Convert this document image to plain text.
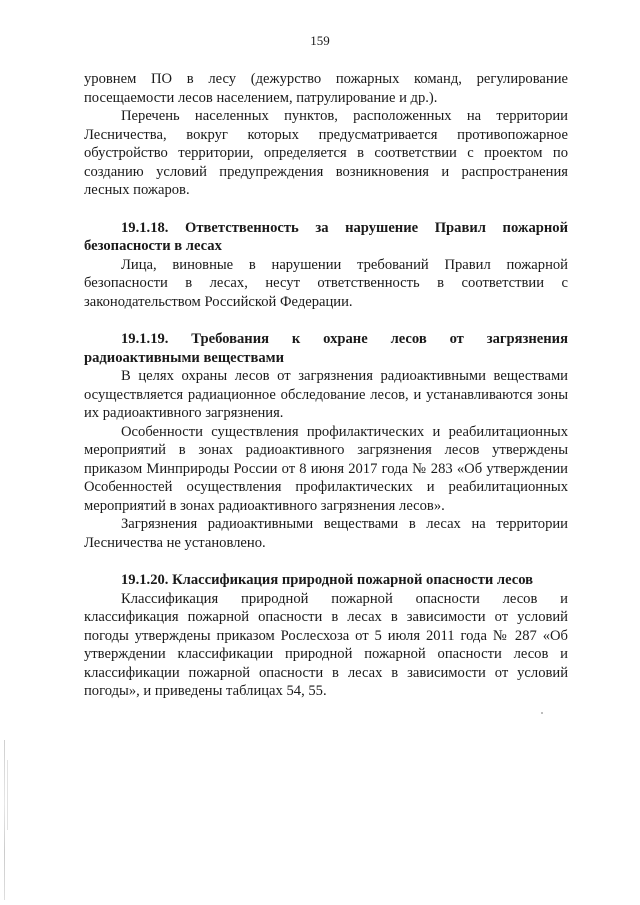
159

уровнем ПО в лесу (дежурство пожарных команд, регулирование посещаемости лесов населением, патрулирование и др.).

Перечень населенных пунктов, расположенных на территории Лесничества, вокруг которых предусматривается противопожарное обустройство территории, определяется в соответствии с проектом по созданию условий предупреждения возникновения и распространения лесных пожаров.

19.1.18. Ответственность за нарушение Правил пожарной безопасности в лесах

Лица, виновные в нарушении требований Правил пожарной безопасности в лесах, несут ответственность в соответствии с законодательством Российской Федерации.

19.1.19. Требования к охране лесов от загрязнения радиоактивными веществами

В целях охраны лесов от загрязнения радиоактивными веществами осуществляется радиационное обследование лесов, и устанавливаются зоны их радиоактивного загрязнения.

Особенности существления профилактических и реабилитационных мероприятий в зонах радиоактивного загрязнения лесов утверждены приказом Минприроды России от 8 июня 2017 года № 283 «Об утверждении Особенностей осуществления профилактических и реабилитационных мероприятий в зонах радиоактивного загрязнения лесов».

Загрязнения радиоактивными веществами в лесах на территории Лесничества не установлено.

19.1.20. Классификация природной пожарной опасности лесов

Классификация природной пожарной опасности лесов и классификация пожарной опасности в лесах в зависимости от условий погоды утверждены приказом Рослесхоза от 5 июля 2011 года № 287 «Об утверждении классификации природной пожарной опасности лесов и классификации пожарной опасности в лесах в зависимости от условий погоды», и приведены таблицах 54, 55.
